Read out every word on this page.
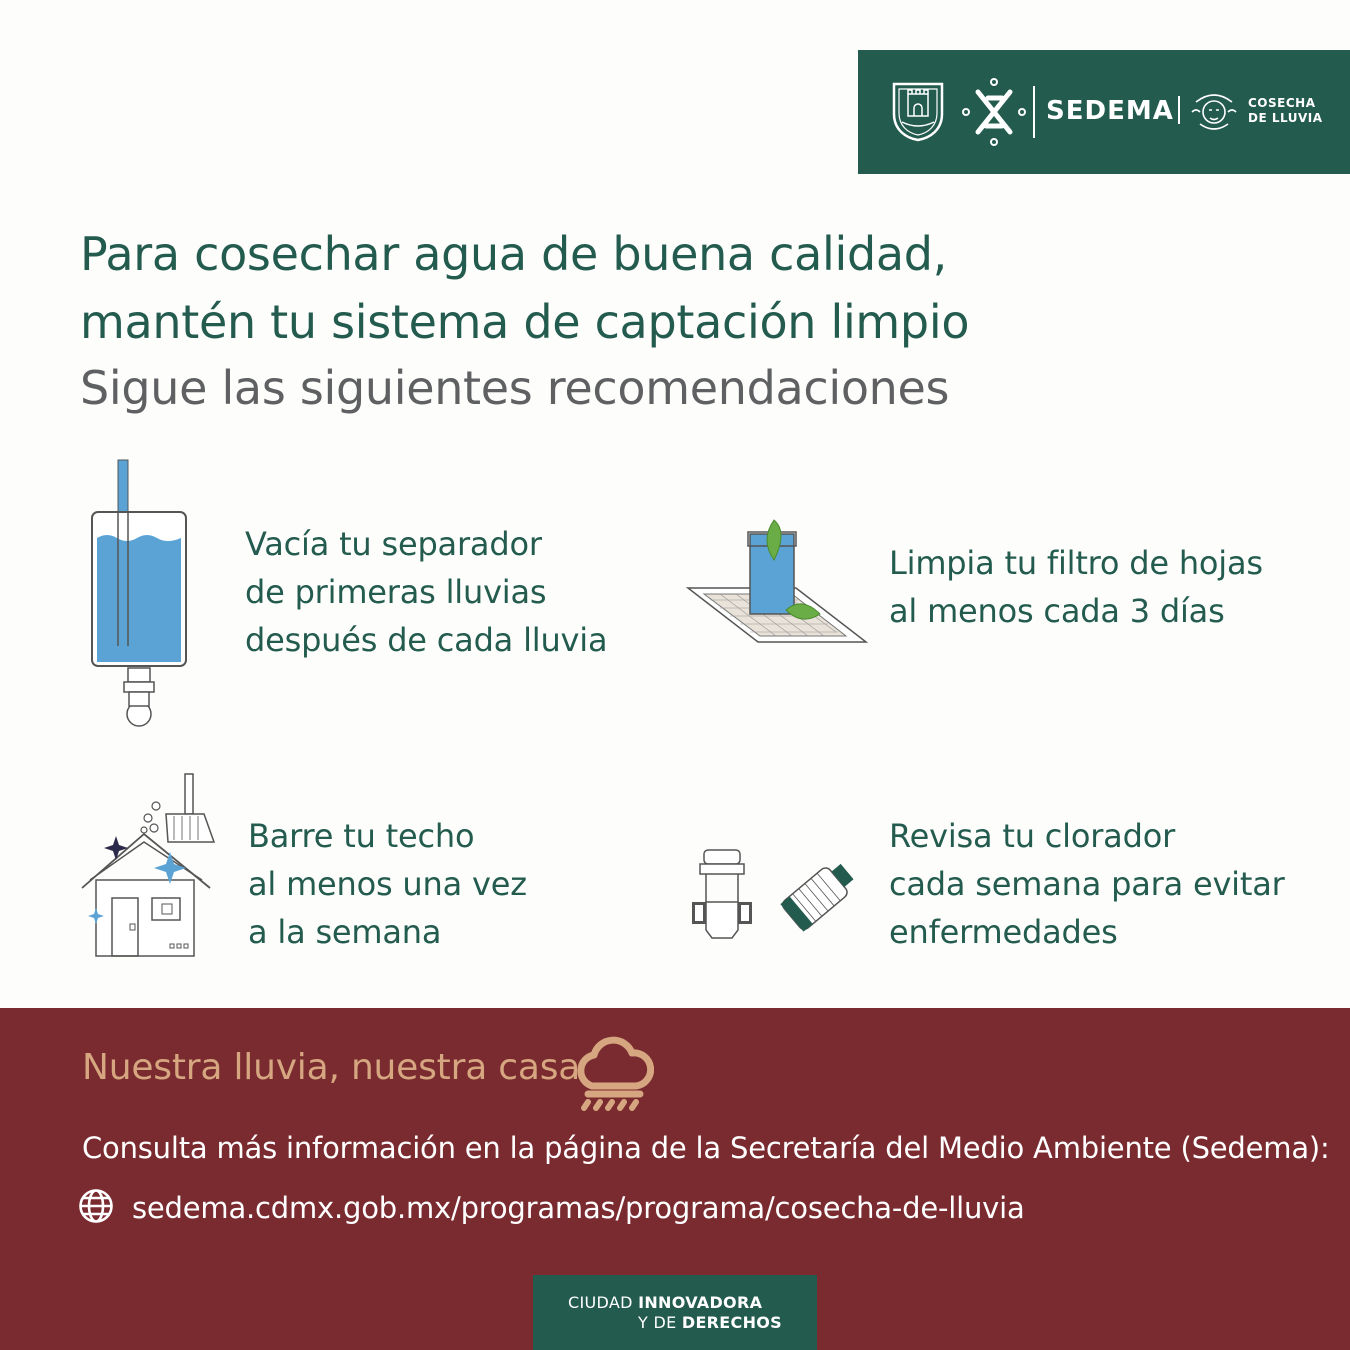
SEDEMA	COSECHA
DE LLUVIA
Para cosechar agua de buena calidad,
mantén tu sistema de captación limpio
Sigue las siguientes recomendaciones
Vacía tu separador
de primeras lluvias
después de cada lluvia
Limpia tu filtro de hojas
al menos cada 3 días
Barre tu techo
al menos una vez
a la semana
Revisa tu clorador
cada semana para evitar
enfermedades
Nuestra lluvia, nuestra casa
Consulta más información en la página de la Secretaría del Medio Ambiente (Sedema):
sedema.cdmx.gob.mx/programas/programa/cosecha-de-lluvia
CIUDAD INNOVADORA
Y DE DERECHOS
